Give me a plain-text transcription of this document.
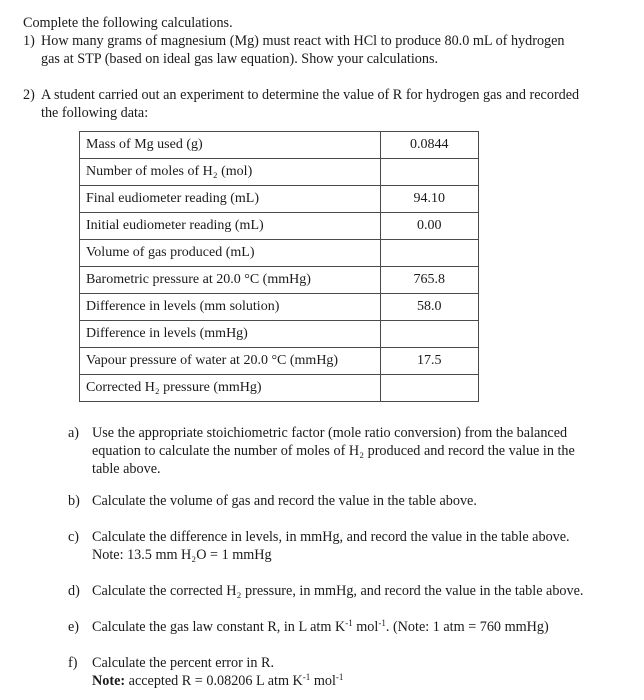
Complete the following calculations.
1) How many grams of magnesium (Mg) must react with HCl to produce 80.0 mL of hydrogen
gas at STP (based on ideal gas law equation). Show your calculations.
2) A student carried out an experiment to determine the value of R for hydrogen gas and recorded
the following data:
Mass of Mg used (g)	0.0844
Number of moles of H₂ (mol)	
Final eudiometer reading (mL)	94.10
Initial eudiometer reading (mL)	0.00
Volume of gas produced (mL)	
Barometric pressure at 20.0 °C (mmHg)	765.8
Difference in levels (mm solution)	58.0
Difference in levels (mmHg)	
Vapour pressure of water at 20.0 °C (mmHg)	17.5
Corrected H₂ pressure (mmHg)	
a) Use the appropriate stoichiometric factor (mole ratio conversion) from the balanced
equation to calculate the number of moles of H₂ produced and record the value in the
table above.
b) Calculate the volume of gas and record the value in the table above.
c) Calculate the difference in levels, in mmHg, and record the value in the table above.
Note: 13.5 mm H₂O = 1 mmHg
d) Calculate the corrected H₂ pressure, in mmHg, and record the value in the table above.
e) Calculate the gas law constant R, in L atm $K^{-1}$ mol$^{-1}$. (Note: 1 atm = 760 mmHg)
f) Calculate the percent error in R.
Note: accepted R = 0.08206 L atm $K^{-1}$ mol$^{-1}$
